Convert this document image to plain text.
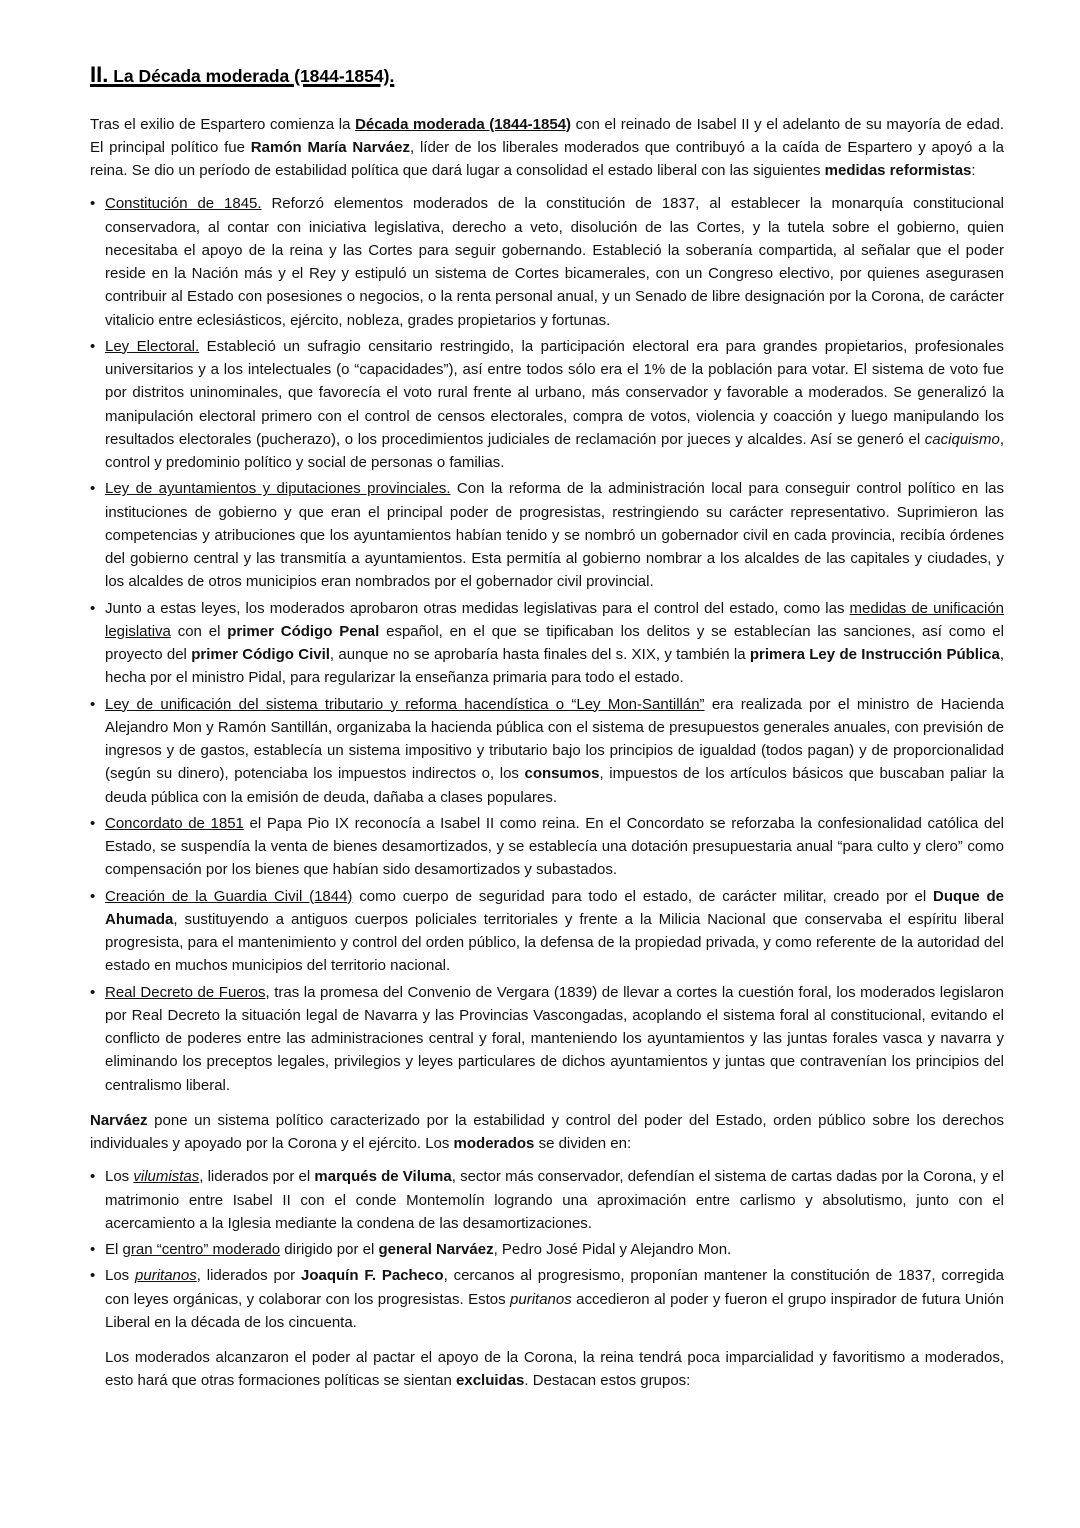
II. La Década moderada (1844-1854).
Tras el exilio de Espartero comienza la Década moderada (1844-1854) con el reinado de Isabel II y el adelanto de su mayoría de edad. El principal político fue Ramón María Narváez, líder de los liberales moderados que contribuyó a la caída de Espartero y apoyó a la reina. Se dio un período de estabilidad política que dará lugar a consolidad el estado liberal con las siguientes medidas reformistas:
• Constitución de 1845. Reforzó elementos moderados de la constitución de 1837, al establecer la monarquía constitucional conservadora, al contar con iniciativa legislativa, derecho a veto, disolución de las Cortes, y la tutela sobre el gobierno, quien necesitaba el apoyo de la reina y las Cortes para seguir gobernando. Estableció la soberanía compartida, al señalar que el poder reside en la Nación más y el Rey y estipuló un sistema de Cortes bicamerales, con un Congreso electivo, por quienes asegurasen contribuir al Estado con posesiones o negocios, o la renta personal anual, y un Senado de libre designación por la Corona, de carácter vitalicio entre eclesiásticos, ejército, nobleza, grades propietarios y fortunas.
• Ley Electoral. Estableció un sufragio censitario restringido, la participación electoral era para grandes propietarios, profesionales universitarios y a los intelectuales (o “capacidades”), así entre todos sólo era el 1% de la población para votar. El sistema de voto fue por distritos uninominales, que favorecía el voto rural frente al urbano, más conservador y favorable a moderados. Se generalizó la manipulación electoral primero con el control de censos electorales, compra de votos, violencia y coacción y luego manipulando los resultados electorales (pucherazo), o los procedimientos judiciales de reclamación por jueces y alcaldes. Así se generó el caciquismo, control y predominio político y social de personas o familias.
• Ley de ayuntamientos y diputaciones provinciales. Con la reforma de la administración local para conseguir control político en las instituciones de gobierno y que eran el principal poder de progresistas, restringiendo su carácter representativo. Suprimieron las competencias y atribuciones que los ayuntamientos habían tenido y se nombró un gobernador civil en cada provincia, recibía órdenes del gobierno central y las transmitía a ayuntamientos. Esta permitía al gobierno nombrar a los alcaldes de las capitales y ciudades, y los alcaldes de otros municipios eran nombrados por el gobernador civil provincial.
• Junto a estas leyes, los moderados aprobaron otras medidas legislativas para el control del estado, como las medidas de unificación legislativa con el primer Código Penal español, en el que se tipificaban los delitos y se establecían las sanciones, así como el proyecto del primer Código Civil, aunque no se aprobaría hasta finales del s. XIX, y también la primera Ley de Instrucción Pública, hecha por el ministro Pidal, para regularizar la enseñanza primaria para todo el estado.
• Ley de unificación del sistema tributario y reforma hacendística o “Ley Mon-Santillán” era realizada por el ministro de Hacienda Alejandro Mon y Ramón Santillán, organizaba la hacienda pública con el sistema de presupuestos generales anuales, con previsión de ingresos y de gastos, establecía un sistema impositivo y tributario bajo los principios de igualdad (todos pagan) y de proporcionalidad (según su dinero), potenciaba los impuestos indirectos o, los consumos, impuestos de los artículos básicos que buscaban paliar la deuda pública con la emisión de deuda, dañaba a clases populares.
• Concordato de 1851 el Papa Pio IX reconocía a Isabel II como reina. En el Concordato se reforzaba la confesionalidad católica del Estado, se suspendía la venta de bienes desamortizados, y se establecía una dotación presupuestaria anual “para culto y clero” como compensación por los bienes que habían sido desamortizados y subastados.
• Creación de la Guardia Civil (1844) como cuerpo de seguridad para todo el estado, de carácter militar, creado por el Duque de Ahumada, sustituyendo a antiguos cuerpos policiales territoriales y frente a la Milicia Nacional que conservaba el espíritu liberal progresista, para el mantenimiento y control del orden público, la defensa de la propiedad privada, y como referente de la autoridad del estado en muchos municipios del territorio nacional.
• Real Decreto de Fueros, tras la promesa del Convenio de Vergara (1839) de llevar a cortes la cuestión foral, los moderados legislaron por Real Decreto la situación legal de Navarra y las Provincias Vascongadas, acoplando el sistema foral al constitucional, evitando el conflicto de poderes entre las administraciones central y foral, manteniendo los ayuntamientos y las juntas forales vasca y navarra y eliminando los preceptos legales, privilegios y leyes particulares de dichos ayuntamientos y juntas que contravenían los principios del centralismo liberal.
Narváez pone un sistema político caracterizado por la estabilidad y control del poder del Estado, orden público sobre los derechos individuales y apoyado por la Corona y el ejército. Los moderados se dividen en:
• Los vilumistas, liderados por el marqués de Viluma, sector más conservador, defendían el sistema de cartas dadas por la Corona, y el matrimonio entre Isabel II con el conde Montemolín logrando una aproximación entre carlismo y absolutismo, junto con el acercamiento a la Iglesia mediante la condena de las desamortizaciones.
• El gran “centro” moderado dirigido por el general Narváez, Pedro José Pidal y Alejandro Mon.
• Los puritanos, liderados por Joaquín F. Pacheco, cercanos al progresismo, proponían mantener la constitución de 1837, corregida con leyes orgánicas, y colaborar con los progresistas. Estos puritanos accedieron al poder y fueron el grupo inspirador de futura Unión Liberal en la década de los cincuenta.
Los moderados alcanzaron el poder al pactar el apoyo de la Corona, la reina tendrá poca imparcialidad y favoritismo a moderados, esto hará que otras formaciones políticas se sientan excluidas. Destacan estos grupos:
